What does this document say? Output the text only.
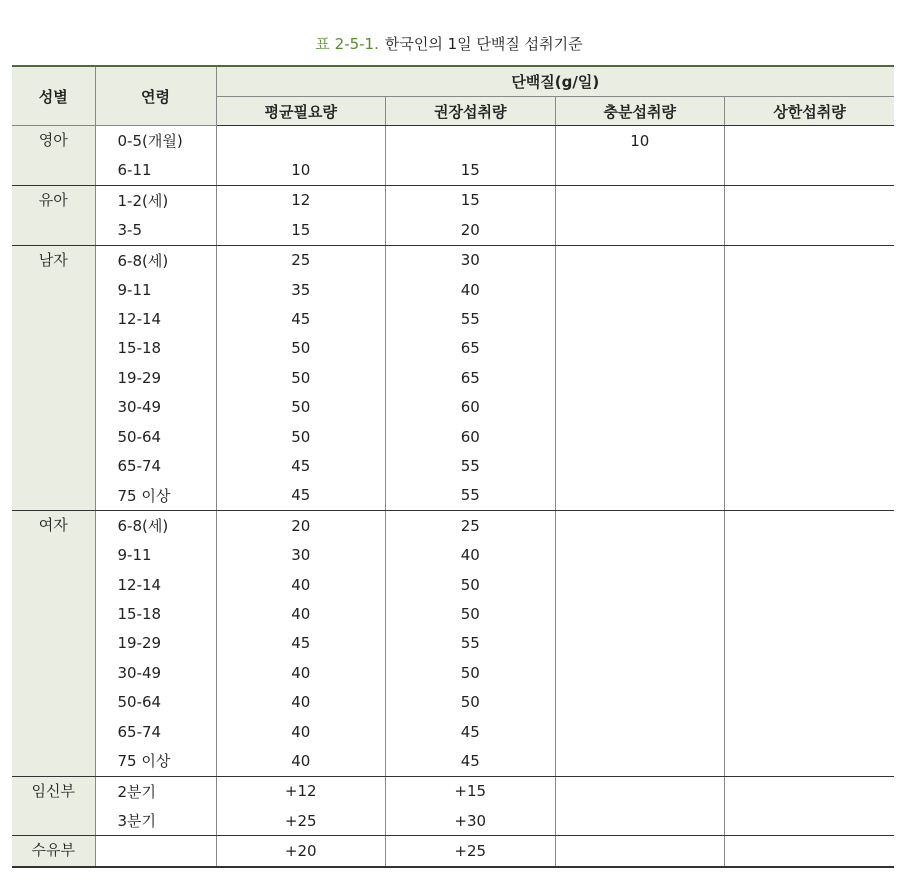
표 2-5-1. 한국인의 1일 단백질 섭취기준
성별	연령	단백질(g/일)			
		평균필요량	권장섭취량	충분섭취량	상한섭취량
영아	0-5(개월)			10	
	6-11	10	15		
유아	1-2(세)	12	15		
	3-5	15	20		
남자	6-8(세)	25	30		
	9-11	35	40		
	12-14	45	55		
	15-18	50	65		
	19-29	50	65		
	30-49	50	60		
	50-64	50	60		
	65-74	45	55		
	75 이상	45	55		
여자	6-8(세)	20	25		
	9-11	30	40		
	12-14	40	50		
	15-18	40	50		
	19-29	45	55		
	30-49	40	50		
	50-64	40	50		
	65-74	40	45		
	75 이상	40	45		
임신부	2분기	+12	+15		
	3분기	+25	+30		
수유부		+20	+25		
